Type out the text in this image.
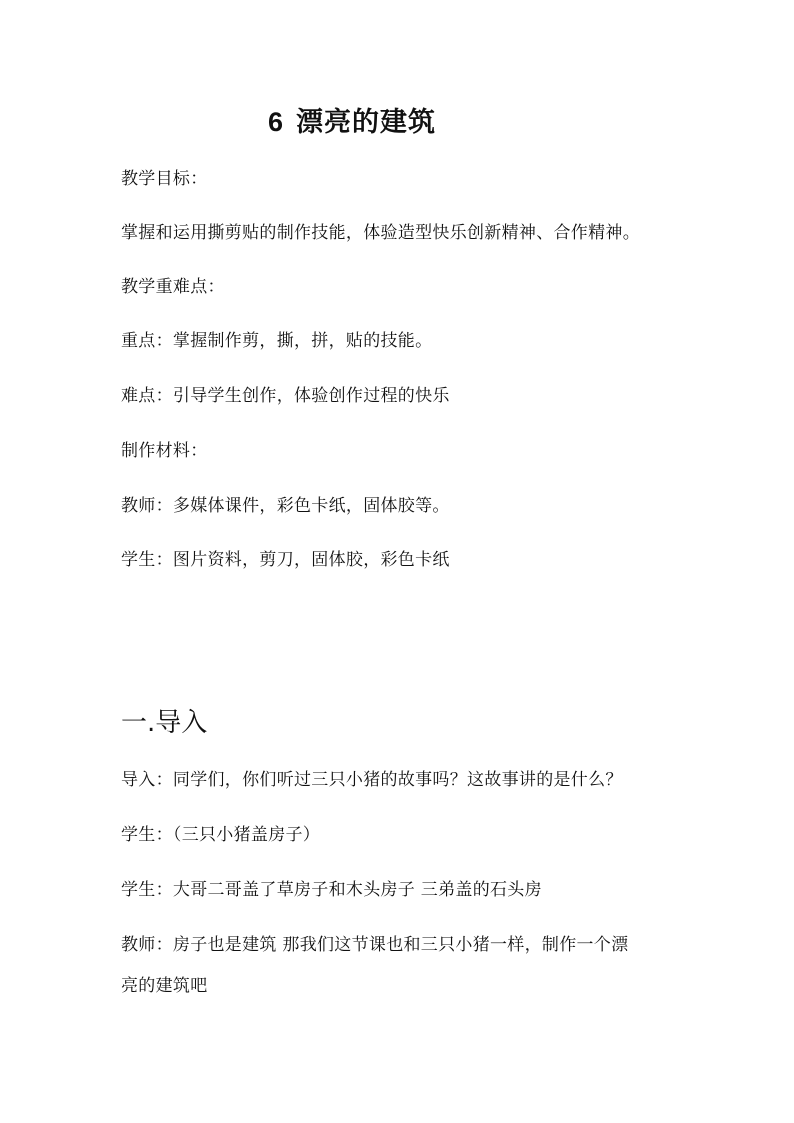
6 漂亮的建筑
教学目标：
掌握和运用撕剪贴的制作技能，体验造型快乐创新精神、合作精神。
教学重难点：
重点：掌握制作剪，撕，拼，贴的技能。
难点：引导学生创作，体验创作过程的快乐
制作材料：
教师：多媒体课件，彩色卡纸，固体胶等。
学生：图片资料，剪刀，固体胶，彩色卡纸
一.导入
导入：同学们，你们听过三只小猪的故事吗？这故事讲的是什么？
学生：（三只小猪盖房子）
学生：大哥二哥盖了草房子和木头房子 三弟盖的石头房
教师：房子也是建筑 那我们这节课也和三只小猪一样，制作一个漂
亮的建筑吧
